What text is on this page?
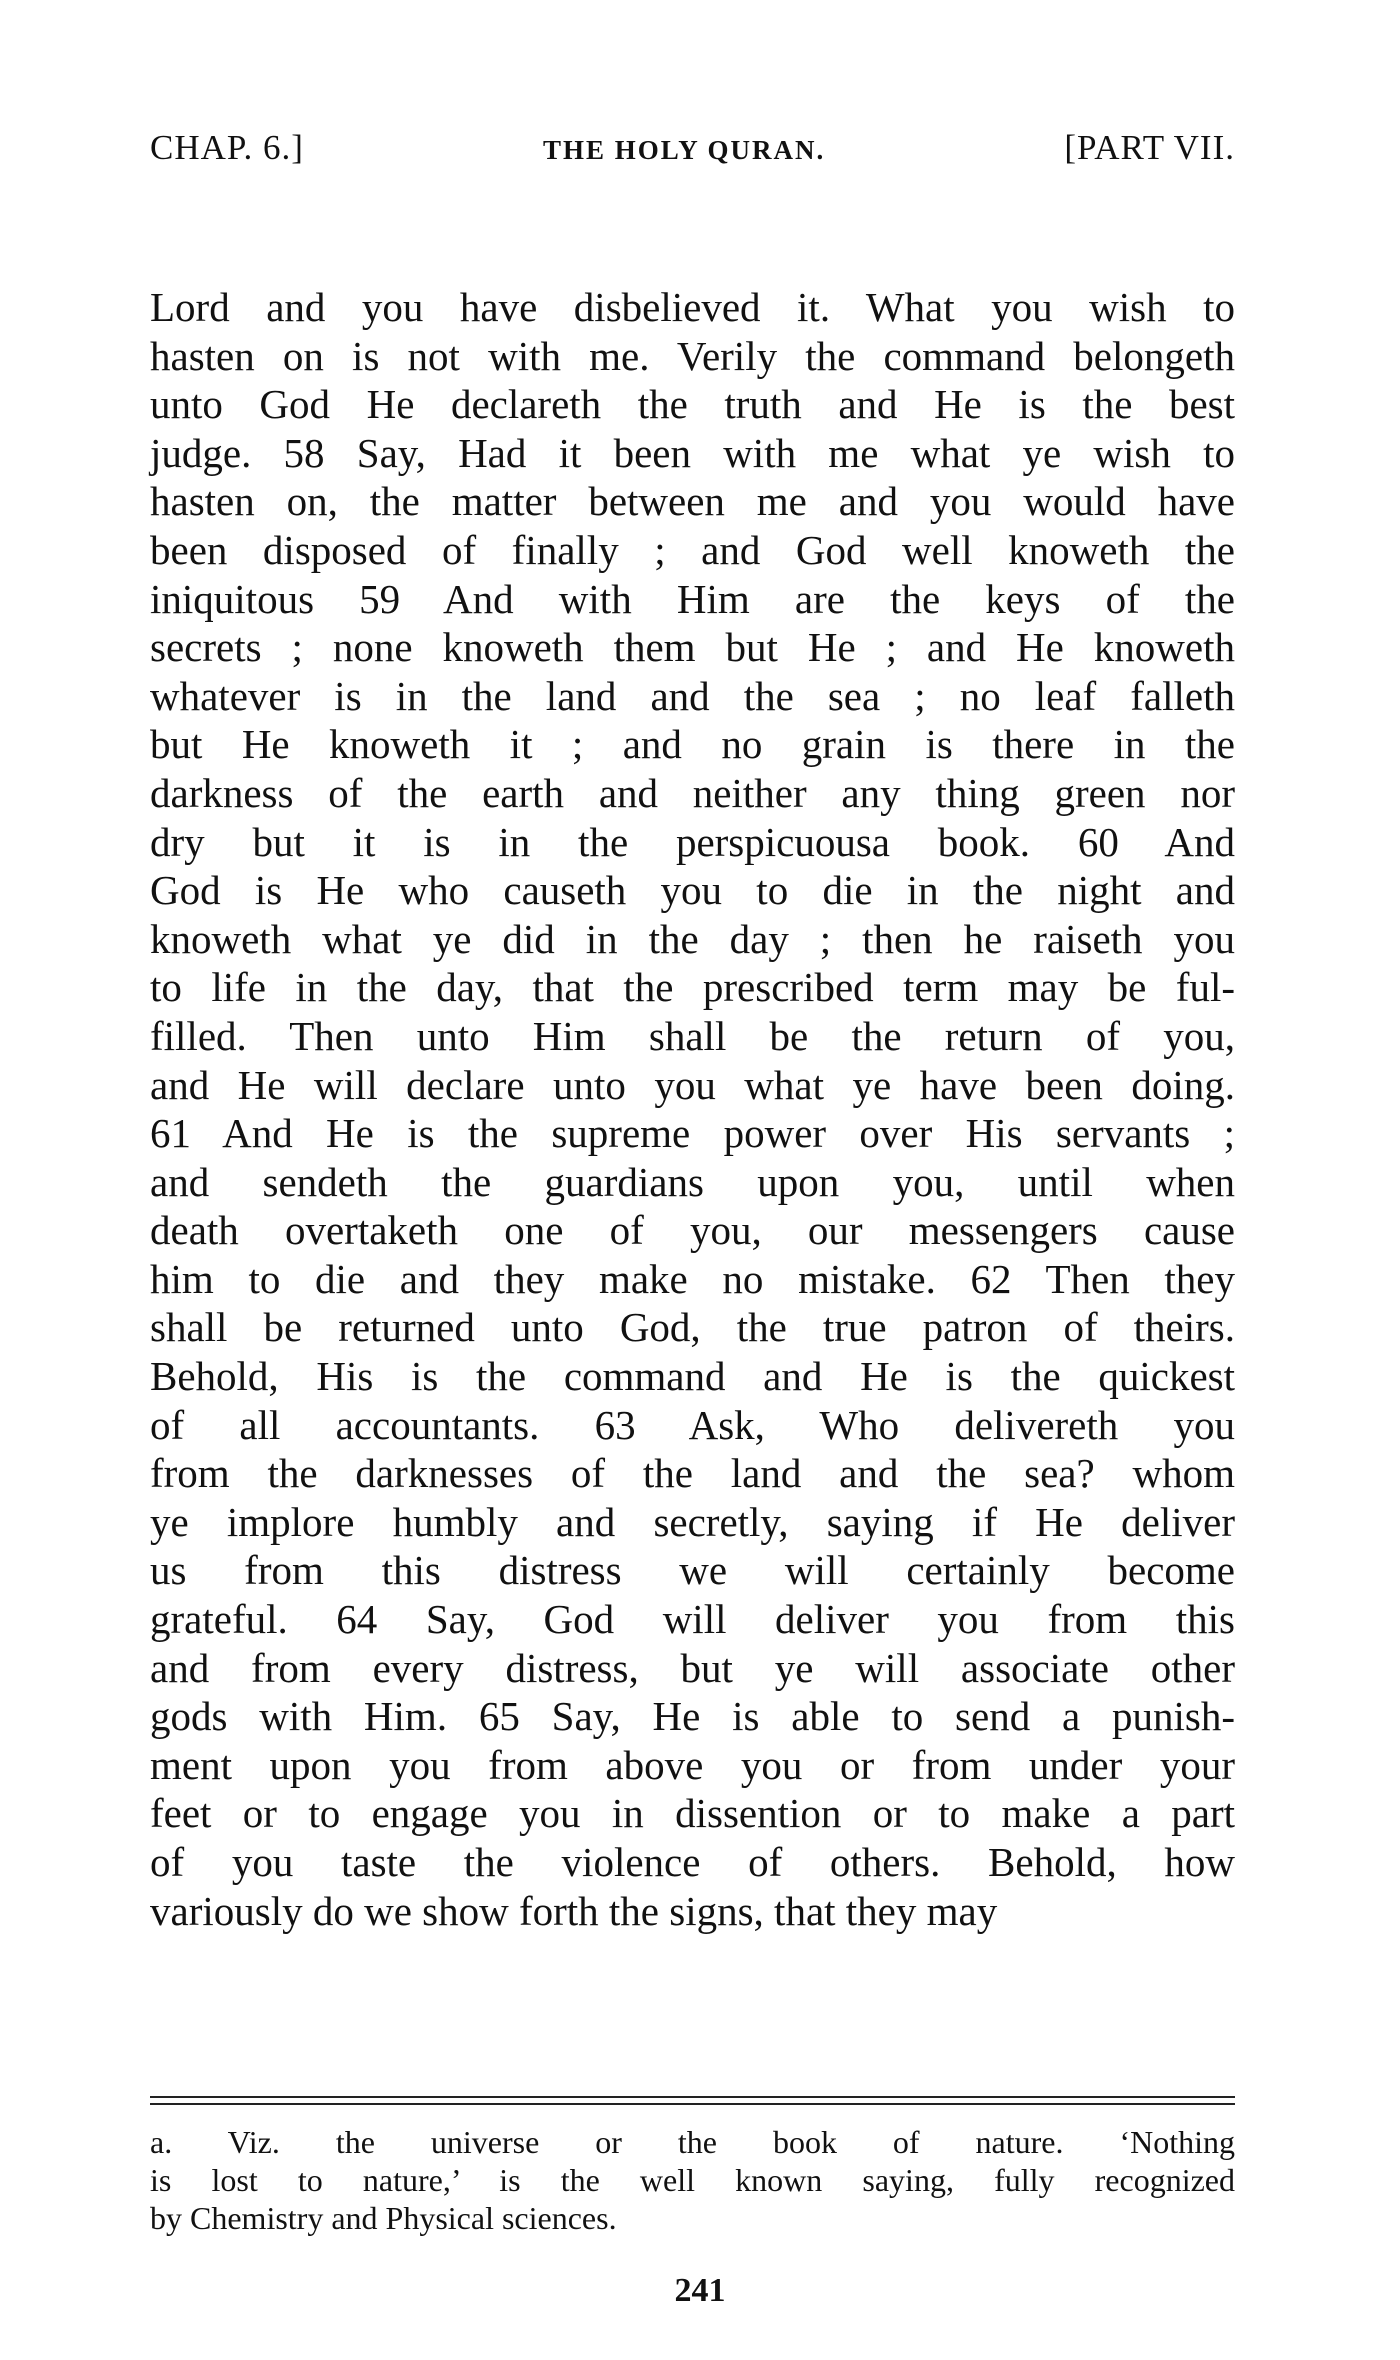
CHAP. 6.]	THE HOLY QURAN.	[PART VII.
Lord and you have disbelieved it. What you wish to
hasten on is not with me. Verily the command belongeth
unto God He declareth the truth and He is the best
judge. 58 Say, Had it been with me what ye wish to
hasten on, the matter between me and you would have
been disposed of finally ; and God well knoweth the
iniquitous 59 And with Him are the keys of the
secrets ; none knoweth them but He ; and He knoweth
whatever is in the land and the sea ; no leaf falleth
but He knoweth it ; and no grain is there in the
darkness of the earth and neither any thing green nor
dry but it is in the perspicuousa book. 60 And
God is He who causeth you to die in the night and
knoweth what ye did in the day ; then he raiseth you
to life in the day, that the prescribed term may be ful-
filled. Then unto Him shall be the return of you,
and He will declare unto you what ye have been doing.
61 And He is the supreme power over His servants ;
and sendeth the guardians upon you, until when
death overtaketh one of you, our messengers cause
him to die and they make no mistake. 62 Then they
shall be returned unto God, the true patron of theirs.
Behold, His is the command and He is the quickest
of all accountants. 63 Ask, Who delivereth you
from the darknesses of the land and the sea? whom
ye implore humbly and secretly, saying if He deliver
us from this distress we will certainly become
grateful. 64 Say, God will deliver you from this
and from every distress, but ye will associate other
gods with Him. 65 Say, He is able to send a punish-
ment upon you from above you or from under your
feet or to engage you in dissention or to make a part
of you taste the violence of others. Behold, how
variously do we show forth the signs, that they may
a. Viz. the universe or the book of nature. ‘Nothing
is lost to nature,’ is the well known saying, fully recognized
by Chemistry and Physical sciences.
241
